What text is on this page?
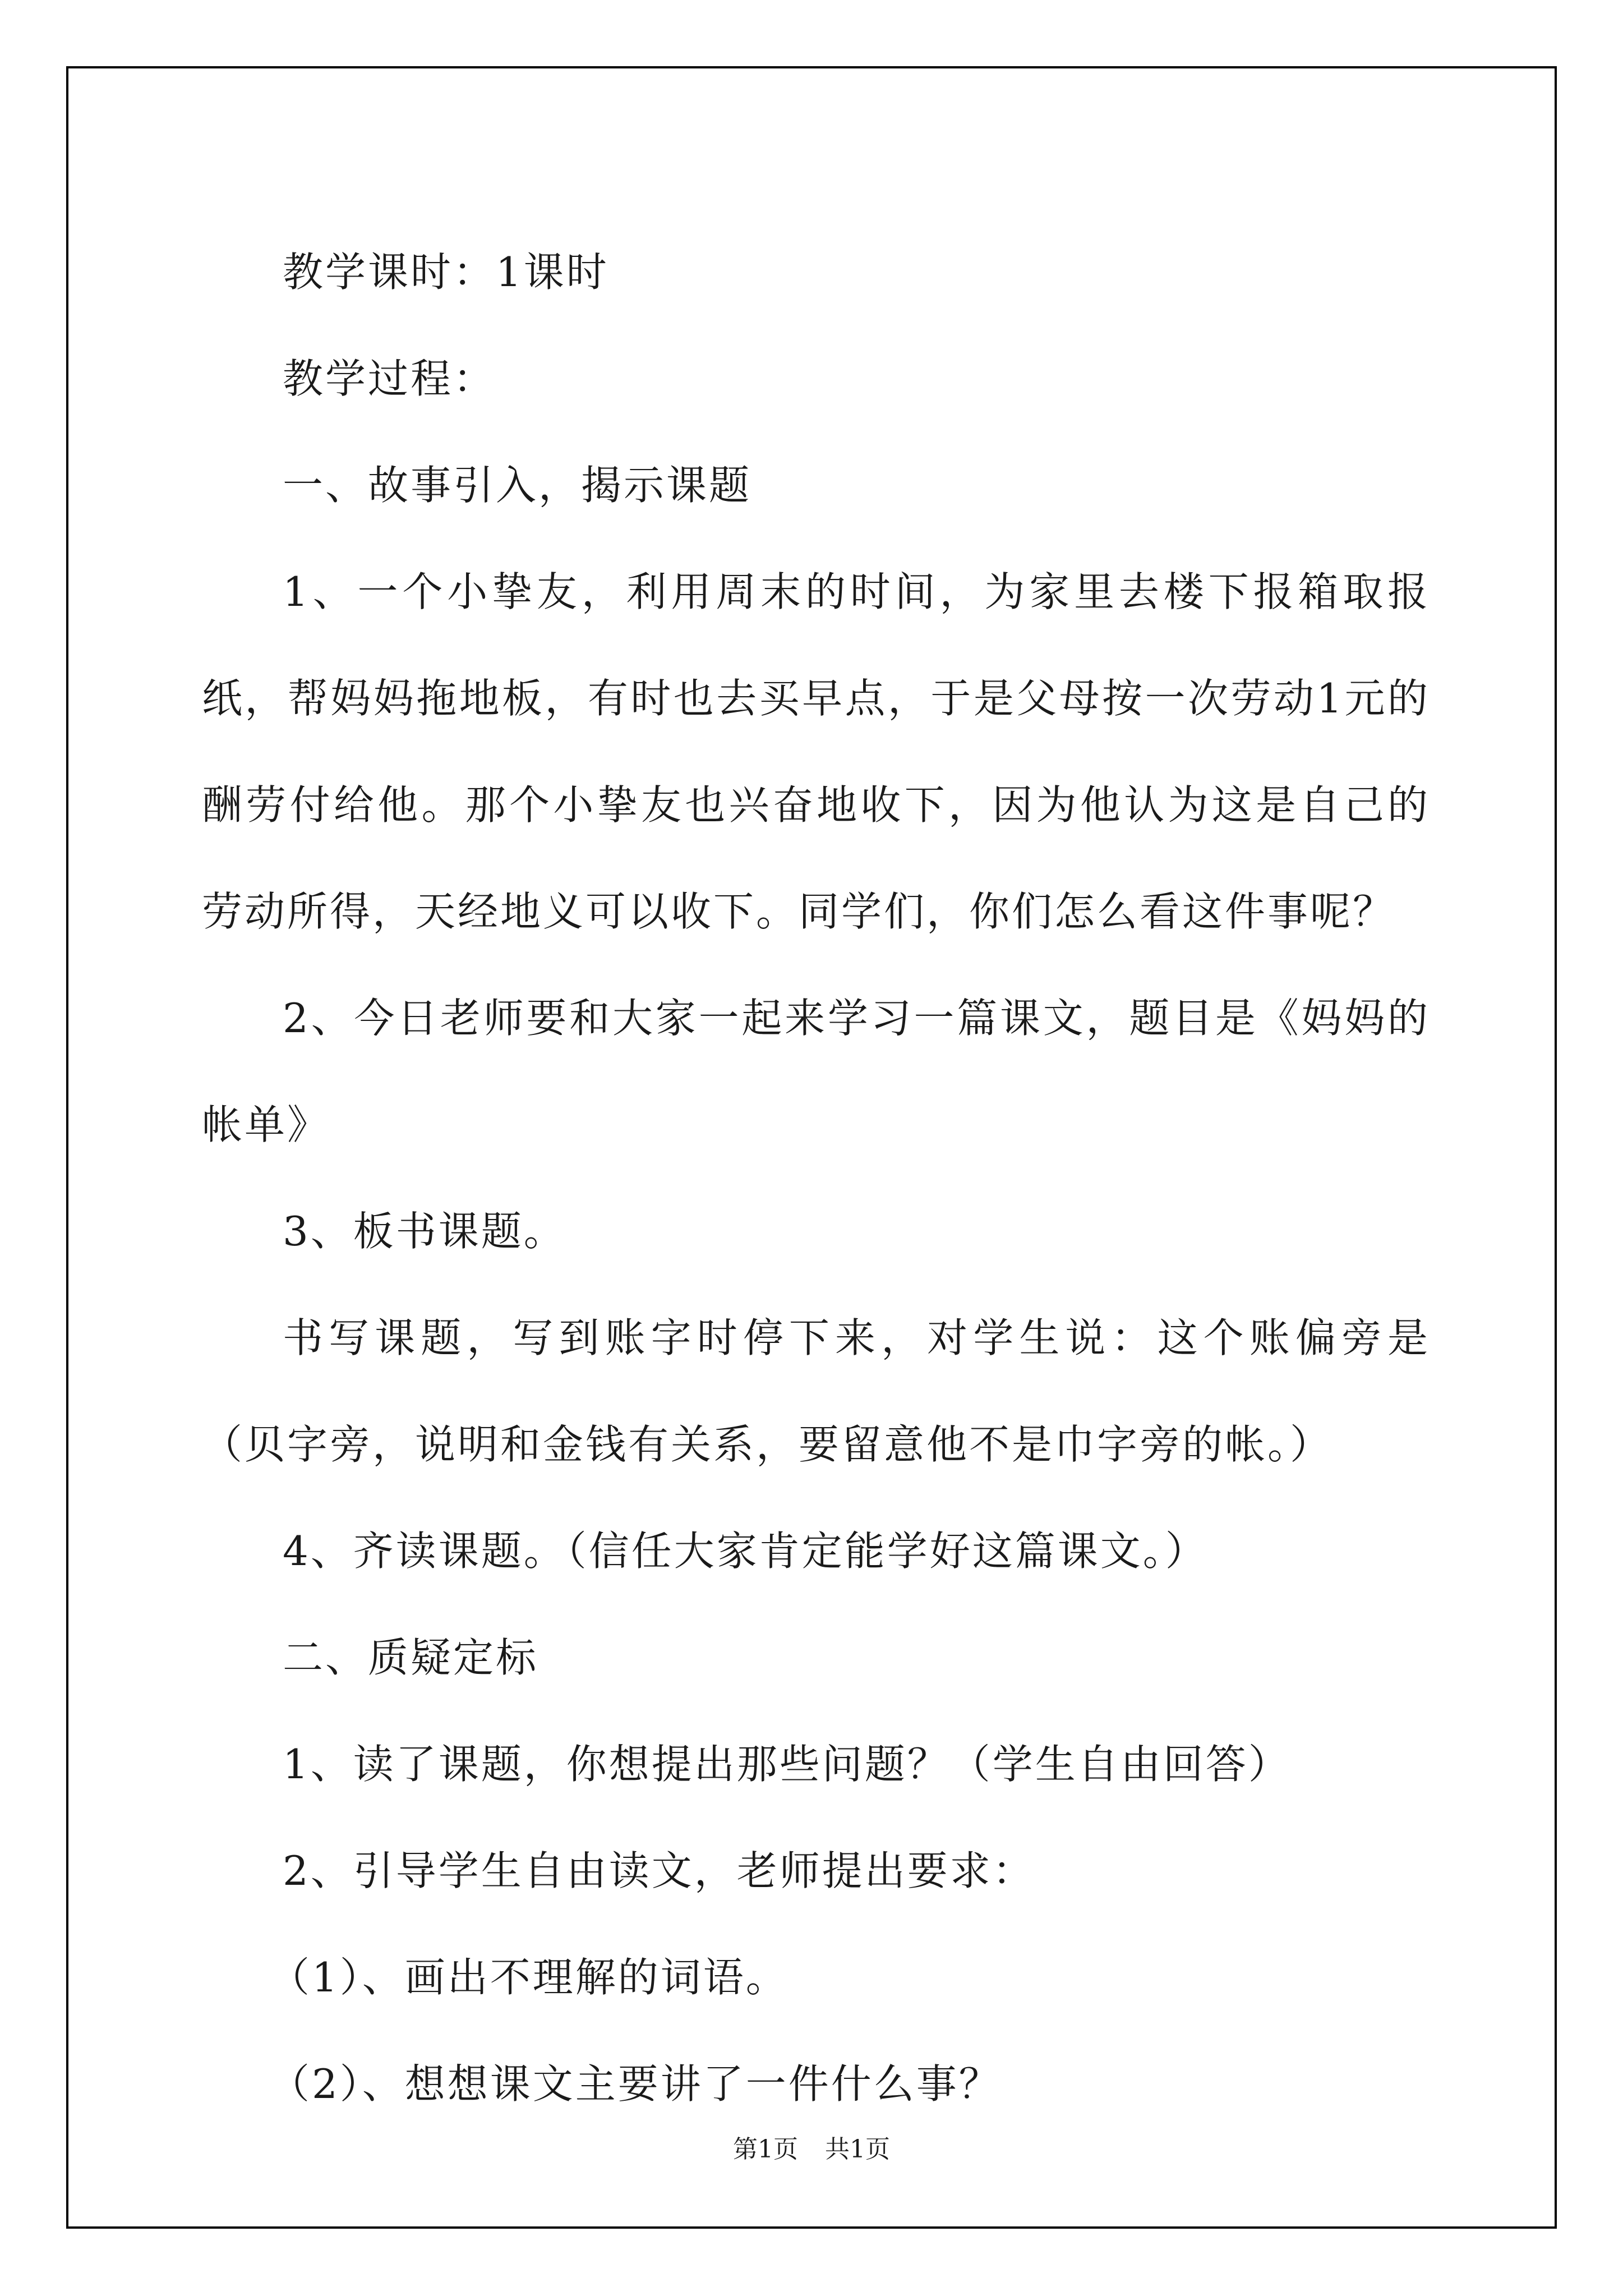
教学课时：1课时

教学过程：

一、故事引入，揭示课题

1、一个小挚友，利用周末的时间，为家里去楼下报箱取报纸，帮妈妈拖地板，有时也去买早点，于是父母按一次劳动1元的酬劳付给他。那个小挚友也兴奋地收下，因为他认为这是自己的劳动所得，天经地义可以收下。同学们，你们怎么看这件事呢？

2、今日老师要和大家一起来学习一篇课文，题目是《妈妈的帐单》

3、板书课题。

书写课题，写到账字时停下来，对学生说：这个账偏旁是（贝字旁，说明和金钱有关系，要留意他不是巾字旁的帐。）

4、齐读课题。（信任大家肯定能学好这篇课文。）

二、质疑定标

1、读了课题，你想提出那些问题？（学生自由回答）

2、引导学生自由读文，老师提出要求：

（1）、画出不理解的词语。

（2）、想想课文主要讲了一件什么事？

第1页 共1页
